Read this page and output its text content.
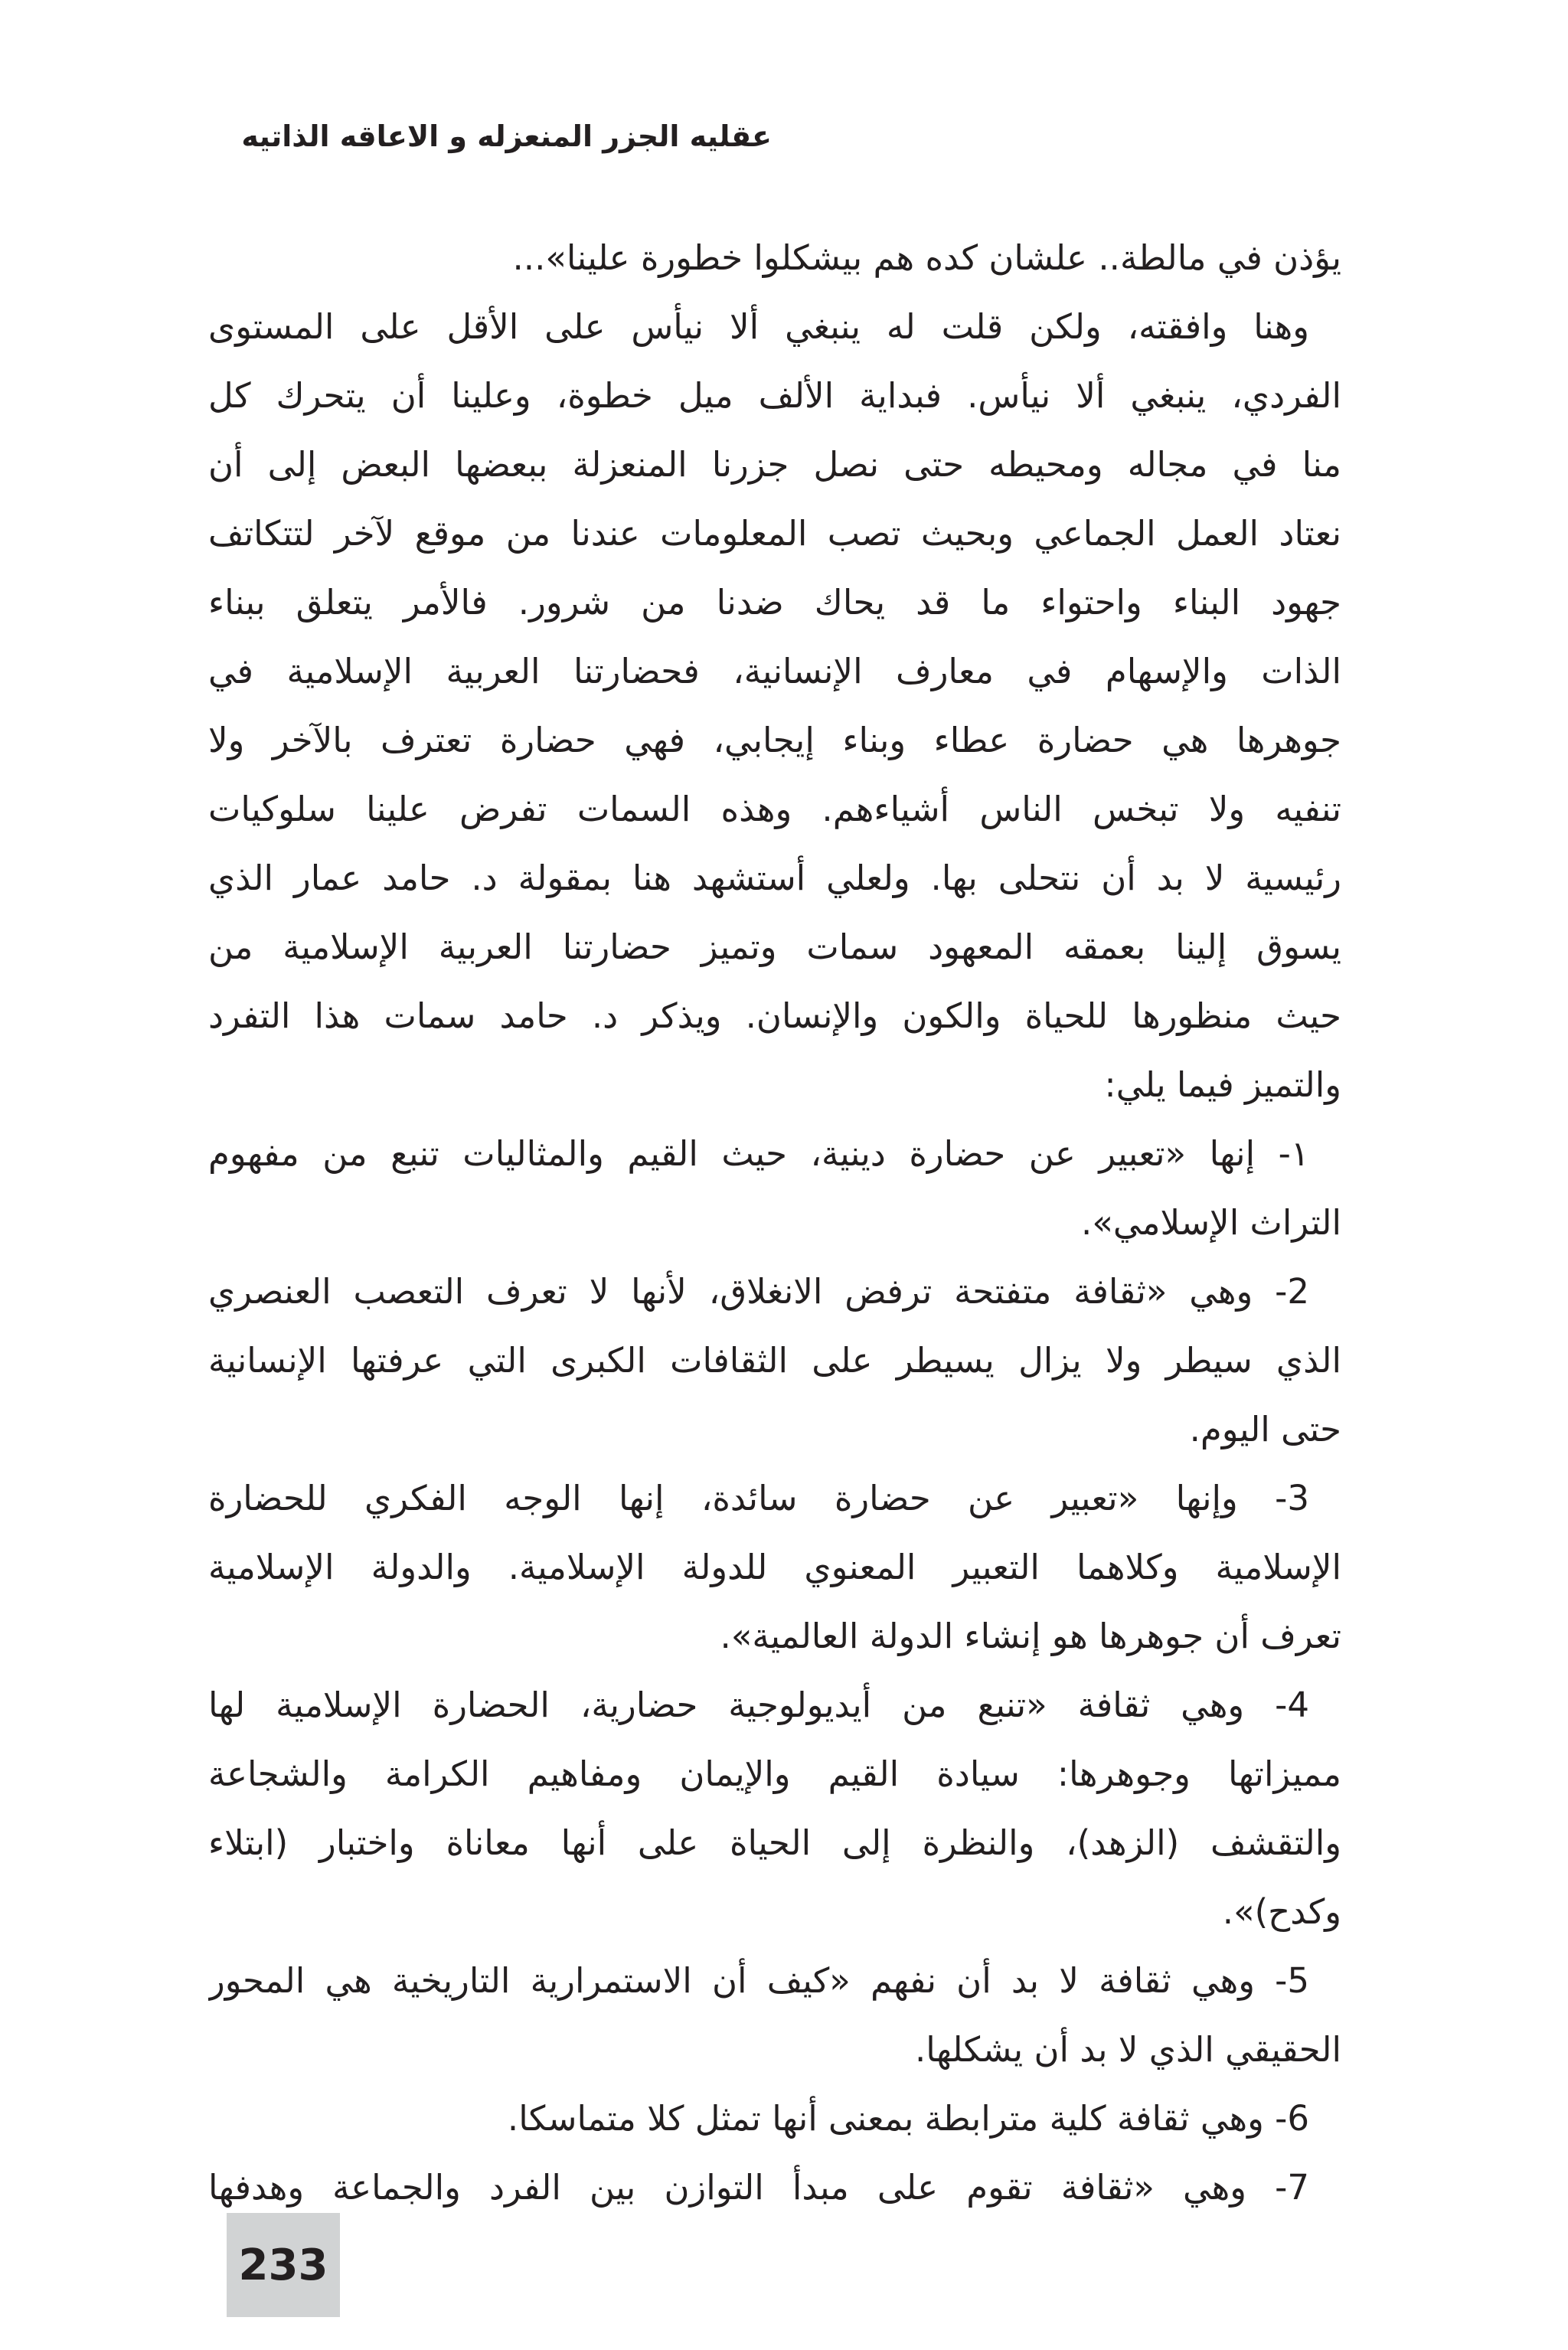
عقليه الجزر المنعزله و الاعاقه الذاتيه
يؤذن في مالطة.. علشان كده هم بيشكلوا خطورة علينا»...
وهنا وافقته، ولكن قلت له ينبغي ألا نيأس على الأقل على المستوى
الفردي، ينبغي ألا نيأس. فبداية الألف ميل خطوة، وعلينا أن يتحرك كل
منا في مجاله ومحيطه حتى نصل جزرنا المنعزلة ببعضها البعض إلى أن
نعتاد العمل الجماعي وبحيث تصب المعلومات عندنا من موقع لآخر لتتكاتف
جهود البناء واحتواء ما قد يحاك ضدنا من شرور. فالأمر يتعلق ببناء
الذات والإسهام في معارف الإنسانية، فحضارتنا العربية الإسلامية في
جوهرها هي حضارة عطاء وبناء إيجابي، فهي حضارة تعترف بالآخر ولا
تنفيه ولا تبخس الناس أشياءهم. وهذه السمات تفرض علينا سلوكيات
رئيسية لا بد أن نتحلى بها. ولعلي أستشهد هنا بمقولة د. حامد عمار الذي
يسوق إلينا بعمقه المعهود سمات وتميز حضارتنا العربية الإسلامية من
حيث منظورها للحياة والكون والإنسان. ويذكر د. حامد سمات هذا التفرد
والتميز فيما يلي:
١- إنها «تعبير عن حضارة دينية، حيث القيم والمثاليات تنبع من مفهوم
التراث الإسلامي».
2- وهي «ثقافة متفتحة ترفض الانغلاق، لأنها لا تعرف التعصب العنصري
الذي سيطر ولا يزال يسيطر على الثقافات الكبرى التي عرفتها الإنسانية
حتى اليوم.
3- وإنها «تعبير عن حضارة سائدة، إنها الوجه الفكري للحضارة
الإسلامية وكلاهما التعبير المعنوي للدولة الإسلامية. والدولة الإسلامية
تعرف أن جوهرها هو إنشاء الدولة العالمية».
4- وهي ثقافة «تنبع من أيديولوجية حضارية، الحضارة الإسلامية لها
مميزاتها وجوهرها: سيادة القيم والإيمان ومفاهيم الكرامة والشجاعة
والتقشف (الزهد)، والنظرة إلى الحياة على أنها معاناة واختبار (ابتلاء
وكدح)».
5- وهي ثقافة لا بد أن نفهم «كيف أن الاستمرارية التاريخية هي المحور
الحقيقي الذي لا بد أن يشكلها.
6- وهي ثقافة كلية مترابطة بمعنى أنها تمثل كلا متماسكا.
7- وهي «ثقافة تقوم على مبدأ التوازن بين الفرد والجماعة وهدفها
233
